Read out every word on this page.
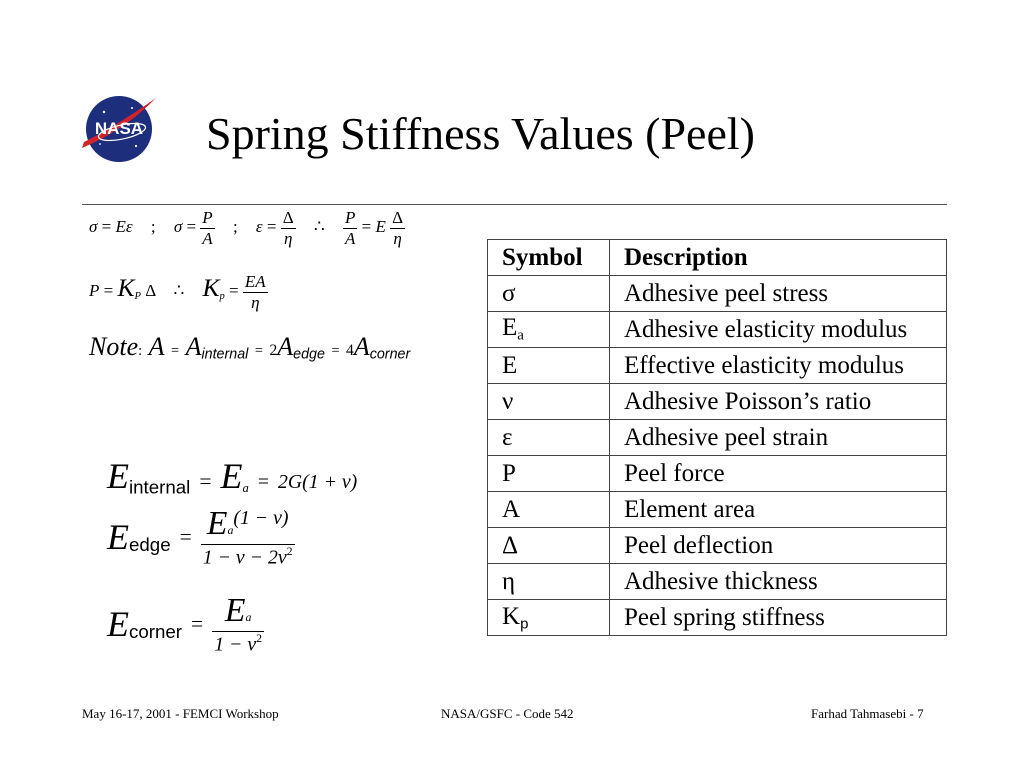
NASA Spring Stiffness Values (Peel)
σ = Eε ; $\sigma = \frac{P}{A}$ ; $\varepsilon = \frac{\Delta}{\eta}$ ∴ $\frac{P}{A} = E \frac{\Delta}{\eta}$
$P = K_P$ Δ ∴ $K_p = \frac{EA}{\eta}$
Note: A = Ainternal = 2Aedge = 4Acorner
Einternal = Ea = 2G(1 + ν)
Eedge = $\frac{Ea(1 - \nu)}{1 - \nu - 2\nu^2}$
Ecorner = $\frac{Ea}{1 - \nu^2}$
Symbol	Description
σ	Adhesive peel stress
Ea	Adhesive elasticity modulus
E	Effective elasticity modulus
ν	Adhesive Poisson’s ratio
ε	Adhesive peel strain
P	Peel force
A	Element area
Δ	Peel deflection
η	Adhesive thickness
Kp	Peel spring stiffness
May 16-17, 2001 - FEMCI Workshop	NASA/GSFC - Code 542	Farhad Tahmasebi - 7
